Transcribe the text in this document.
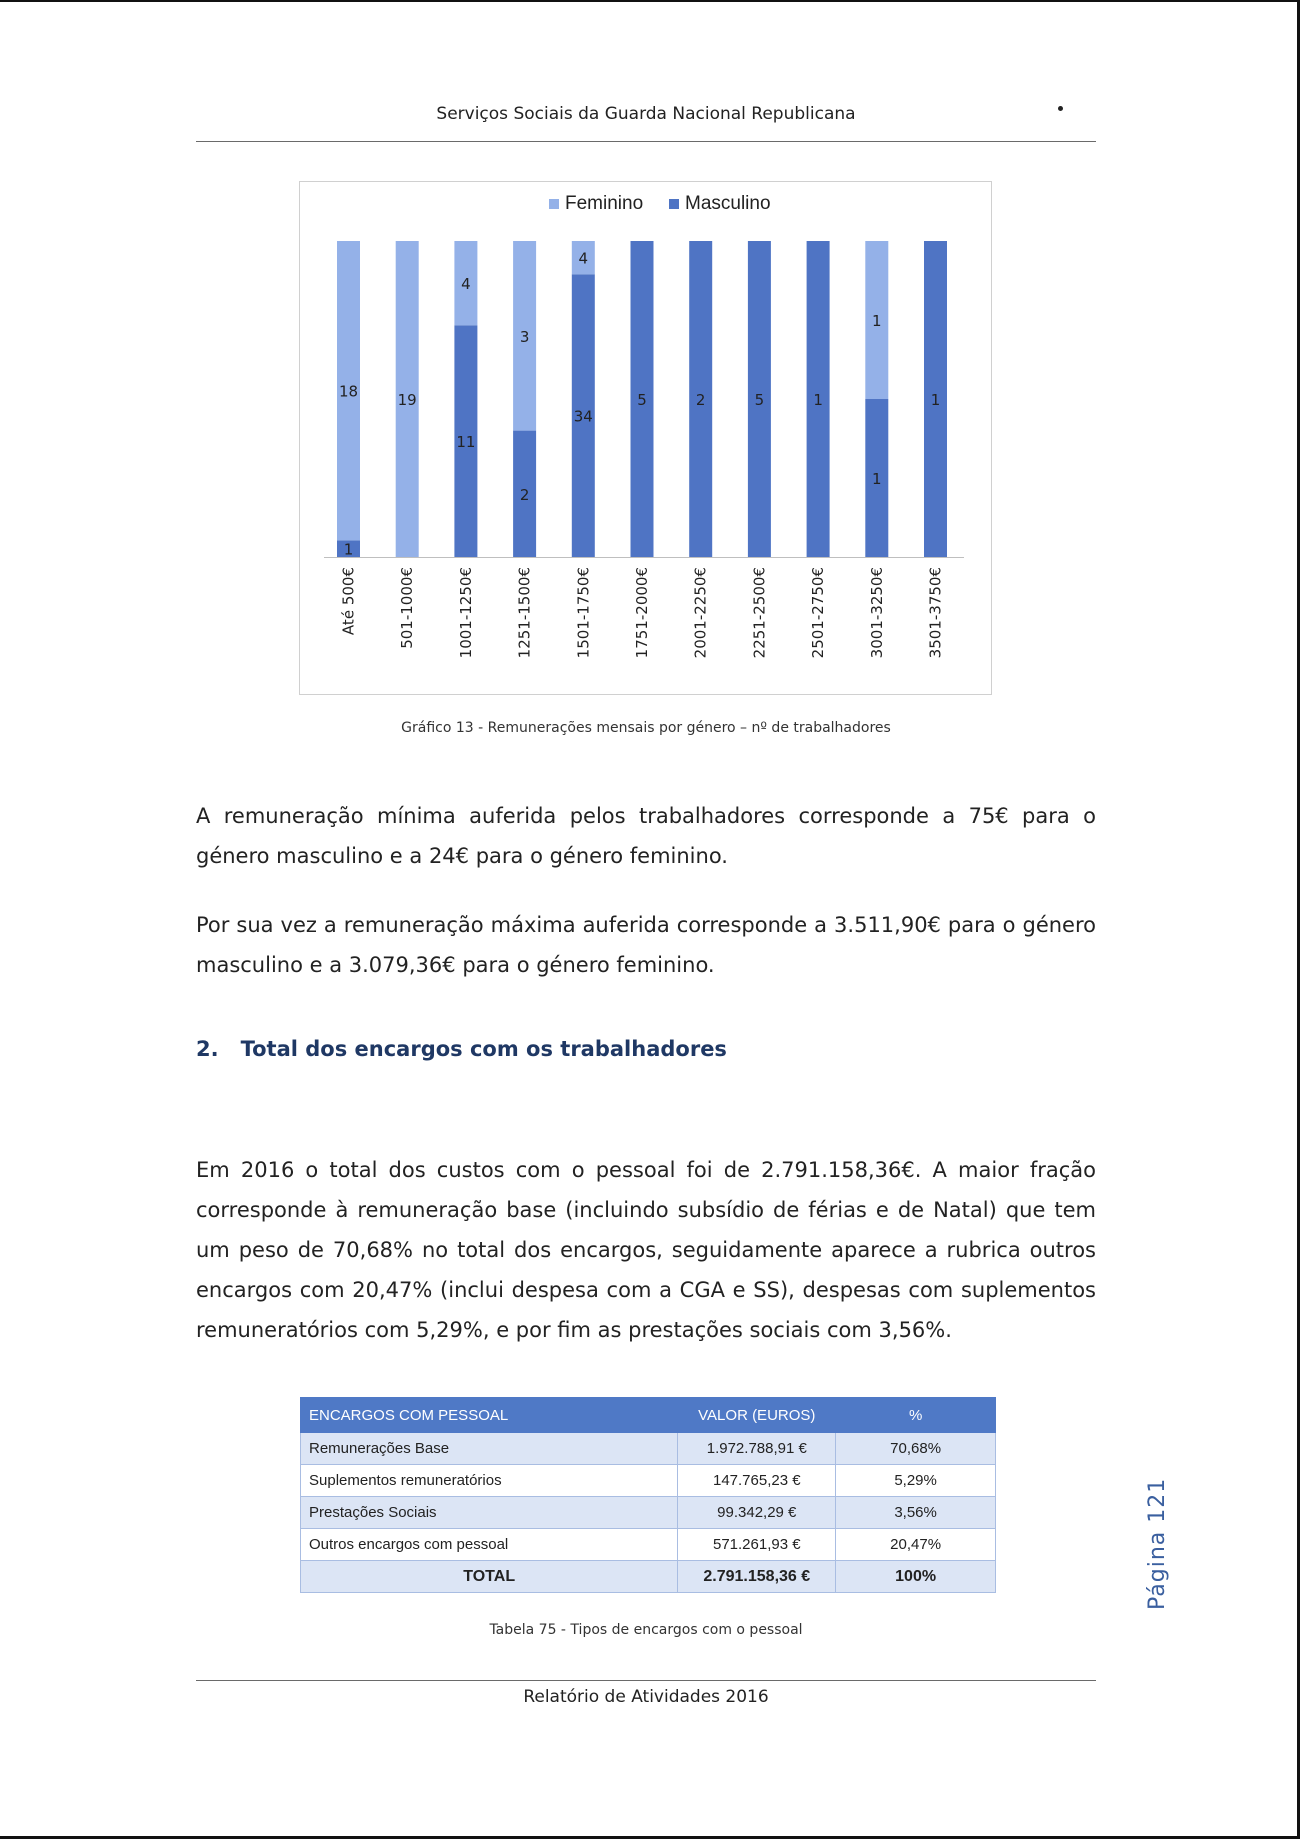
Serviços Sociais da Guarda Nacional Republicana
Feminino Masculino
1
18
Até 500€
19
501-1000€
11
4
1001-1250€
2
3
1251-1500€
34
4
1501-1750€
5
1751-2000€
2
2001-2250€
5
2251-2500€
1
2501-2750€
1
1
3001-3250€
1
3501-3750€
Gráfico 13 - Remunerações mensais por género – nº de trabalhadores

A remuneração mínima auferida pelos trabalhadores corresponde a 75€ para o género masculino e a 24€ para o género feminino.

Por sua vez a remuneração máxima auferida corresponde a 3.511,90€ para o género masculino e a 3.079,36€ para o género feminino.

2. Total dos encargos com os trabalhadores

Em 2016 o total dos custos com o pessoal foi de 2.791.158,36€. A maior fração corresponde à remuneração base (incluindo subsídio de férias e de Natal) que tem um peso de 70,68% no total dos encargos, seguidamente aparece a rubrica outros encargos com 20,47% (inclui despesa com a CGA e SS), despesas com suplementos remuneratórios com 5,29%, e por fim as prestações sociais com 3,56%.

ENCARGOS COM PESSOAL	VALOR (EUROS)	%
Remunerações Base	1.972.788,91 €	70,68%
Suplementos remuneratórios	147.765,23 €	5,29%
Prestações Sociais	99.342,29 €	3,56%
Outros encargos com pessoal	571.261,93 €	20,47%
TOTAL	2.791.158,36 €	100%
Tabela 75 - Tipos de encargos com o pessoal
Página 121
Relatório de Atividades 2016
